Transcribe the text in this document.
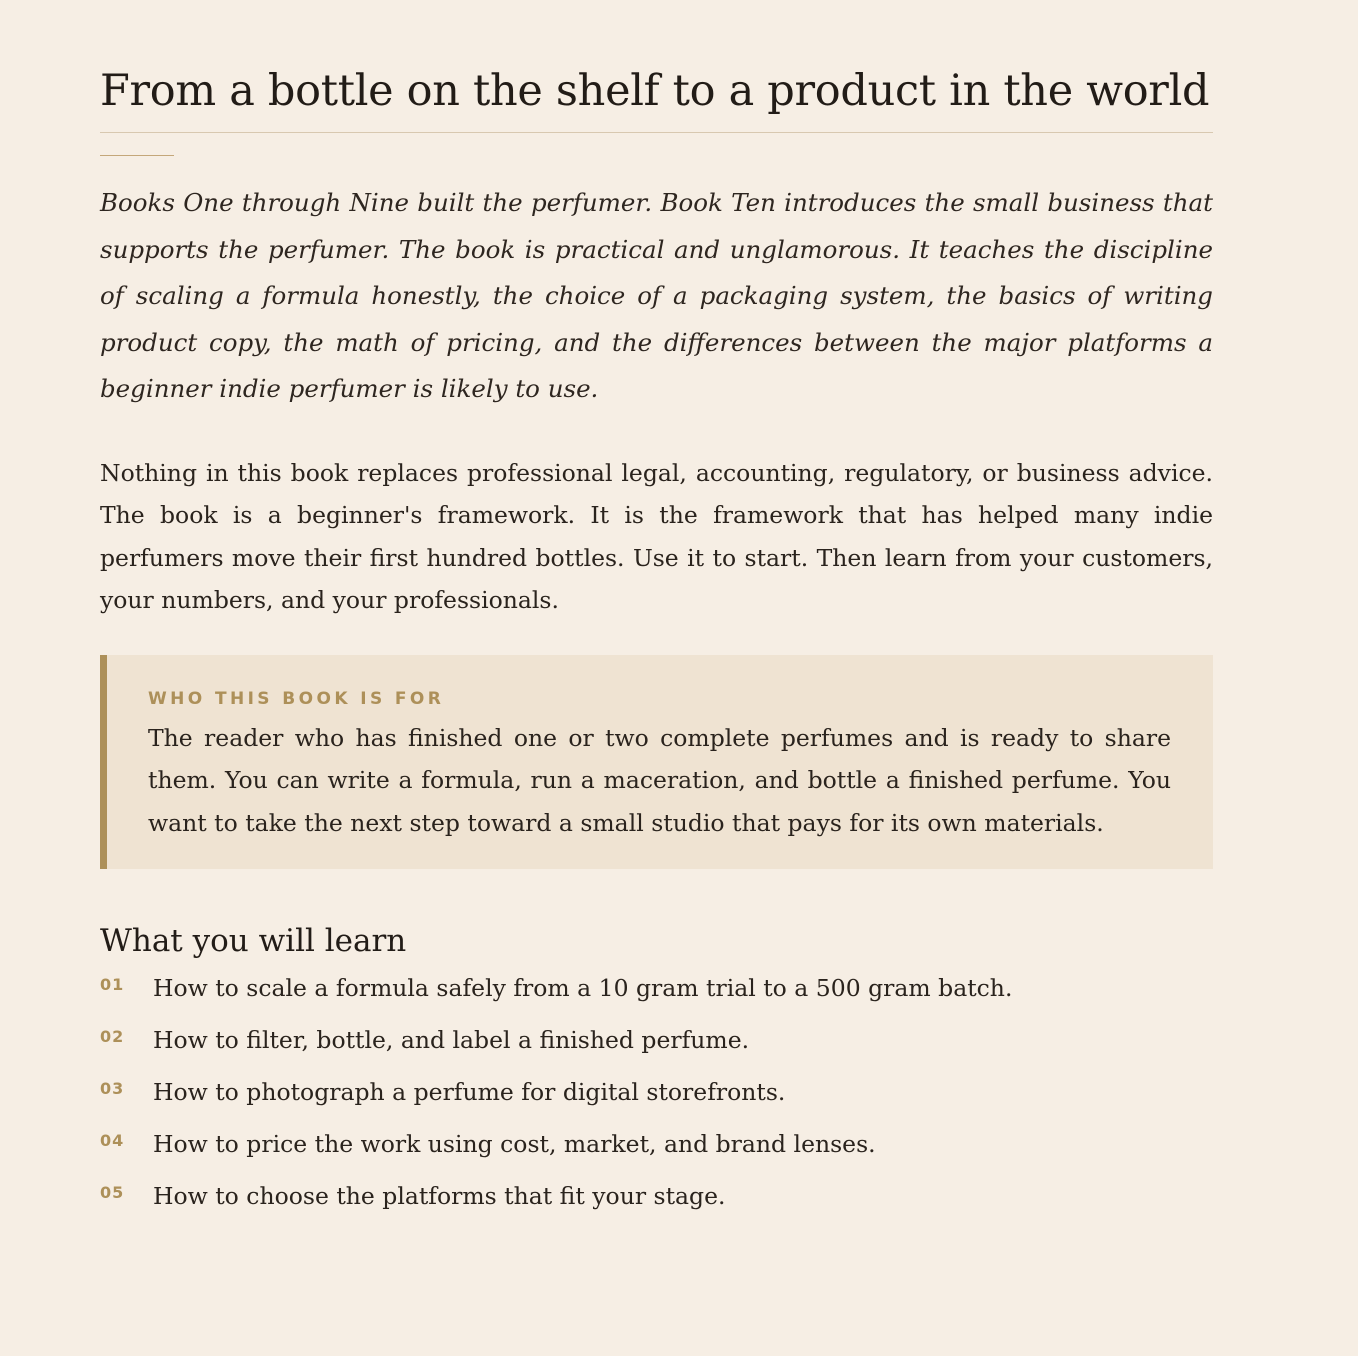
From a bottle on the shelf to a product in the world

Books One through Nine built the perfumer. Book Ten introduces the small business that supports the perfumer. The book is practical and unglamorous. It teaches the discipline of scaling a formula honestly, the choice of a packaging system, the basics of writing product copy, the math of pricing, and the differences between the major platforms a beginner indie perfumer is likely to use.

Nothing in this book replaces professional legal, accounting, regulatory, or business advice. The book is a beginner's framework. It is the framework that has helped many indie perfumers move their first hundred bottles. Use it to start. Then learn from your customers, your numbers, and your professionals.

WHO THIS BOOK IS FOR

The reader who has finished one or two complete perfumes and is ready to share them. You can write a formula, run a maceration, and bottle a finished perfume. You want to take the next step toward a small studio that pays for its own materials.

What you will learn
01 How to scale a formula safely from a 10 gram trial to a 500 gram batch.
02 How to filter, bottle, and label a finished perfume.
03 How to photograph a perfume for digital storefronts.
04 How to price the work using cost, market, and brand lenses.
05 How to choose the platforms that fit your stage.
